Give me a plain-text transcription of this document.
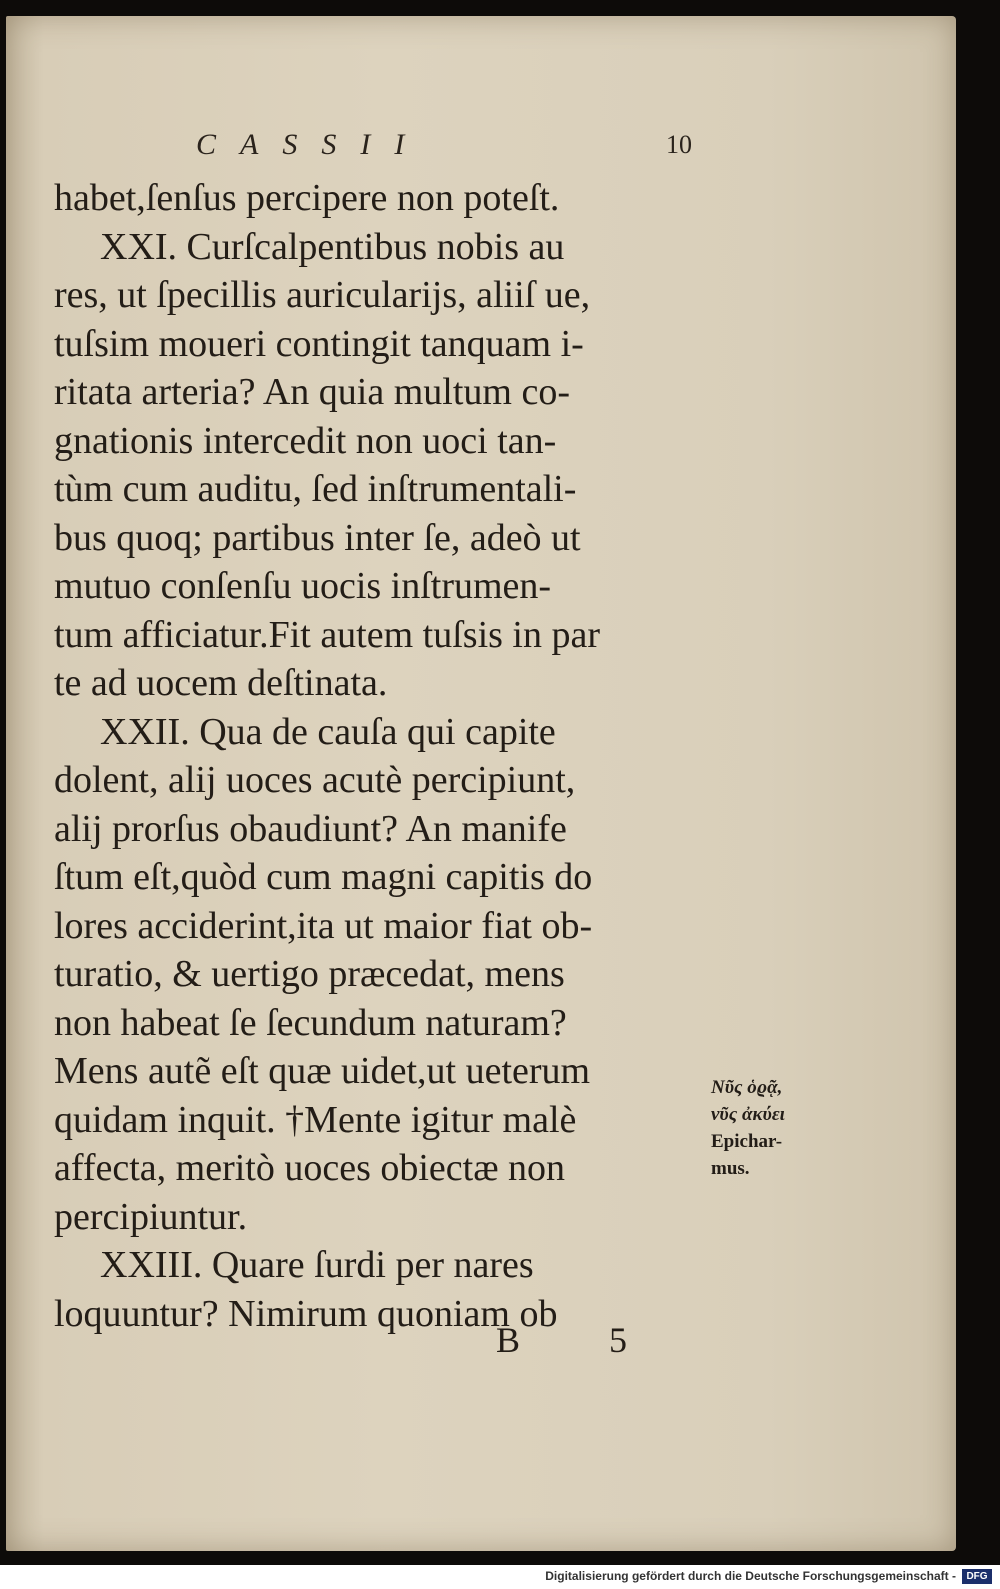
CASSII	10
habet,ſenſus percipere non poteſt.
XXI. Curſcalpentibus nobis au
res, ut ſpecillis auricularijs, aliiſ ue,
tuſsim moueri contingit tanquam i-
ritata arteria? An quia multum co-
gnationis intercedit non uoci tan-
tùm cum auditu, ſed inſtrumentali-
bus quoq; partibus inter ſe, adeò ut
mutuo conſenſu uocis inſtrumen-
tum afficiatur.Fit autem tuſsis in par
te ad uocem deſtinata.
XXII. Qua de cauſa qui capite
dolent, alij uoces acutè percipiunt,
alij prorſus obaudiunt? An manife
ſtum eſt,quòd cum magni capitis do
lores acciderint,ita ut maior fiat ob-
turatio, & uertigo præcedat, mens
non habeat ſe ſecundum naturam?
Mens autẽ eſt quæ uidet,ut ueterum
quidam inquit. †Mente igitur malè
affecta, meritò uoces obiectæ non
percipiuntur.
XXIII. Quare ſurdi per nares
loquuntur? Nimirum quoniam ob
Nῦς ὁϱᾷ,
νῦς ἀκύει
Epichar-
mus.
B 5
Digitalisierung gefördert durch die Deutsche Forschungsgemeinschaft -	DFG
